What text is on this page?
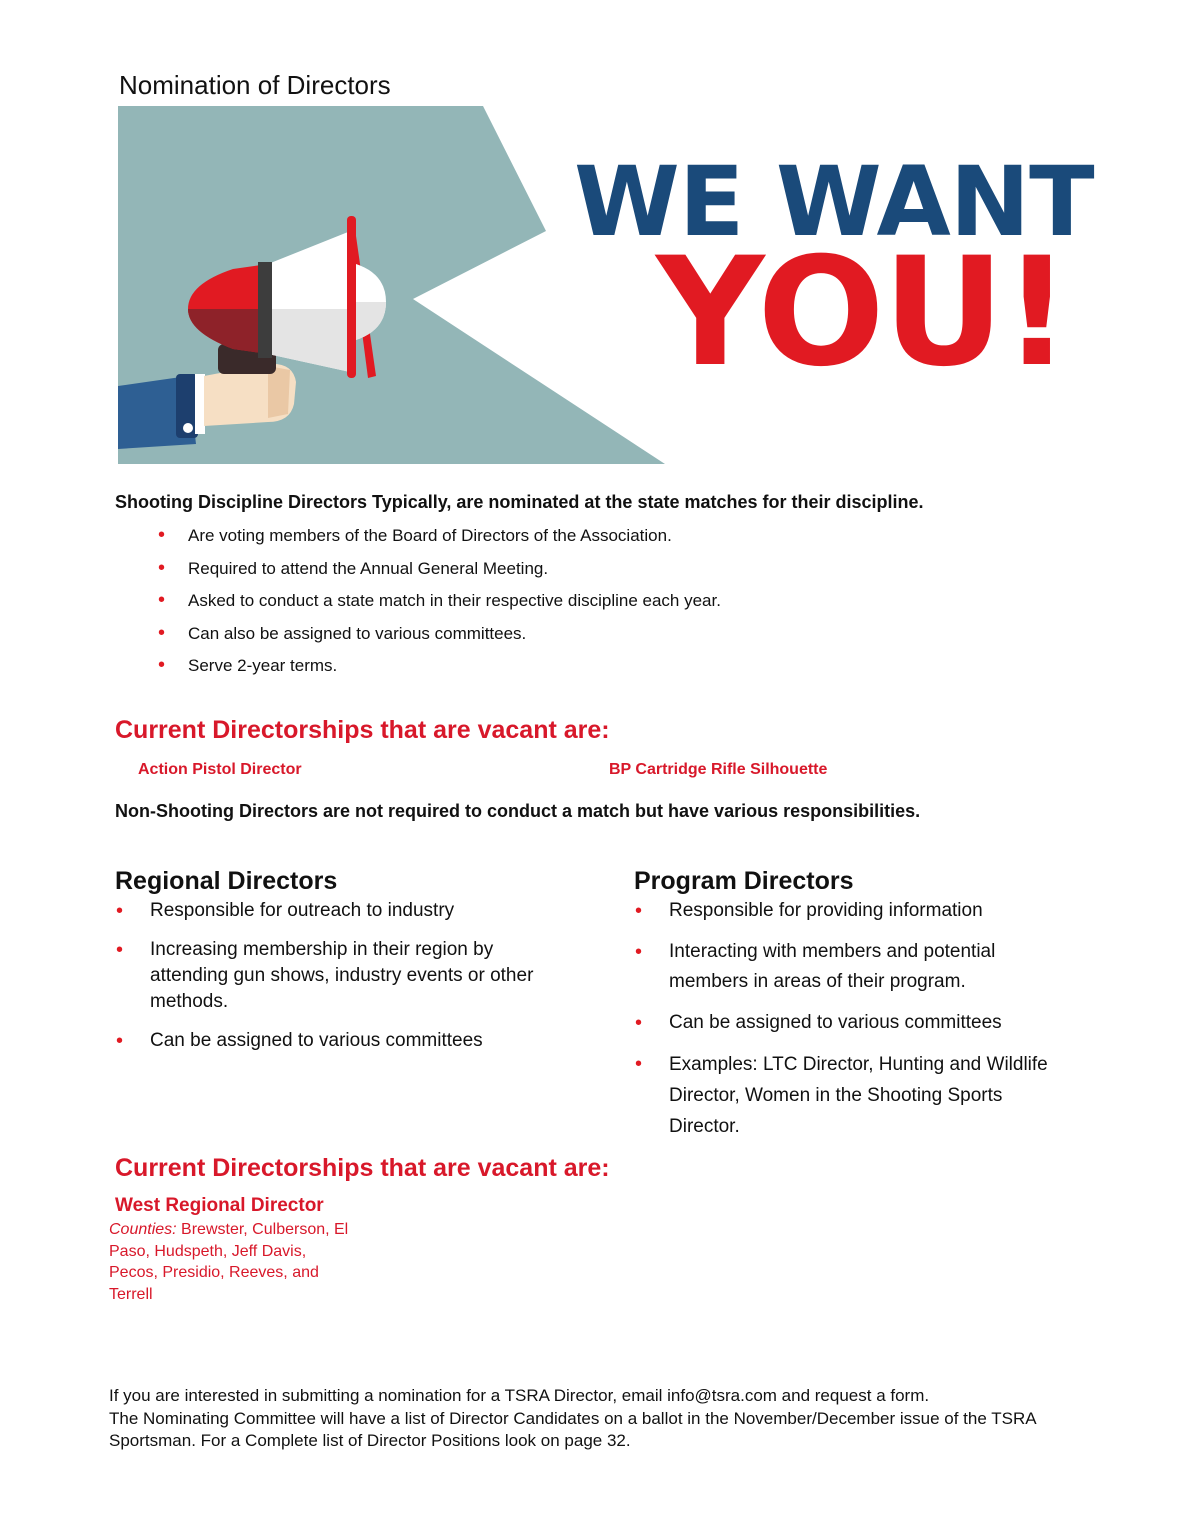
Nomination of Directors
WE WANT
YOU!
Shooting Discipline Directors Typically, are nominated at the state matches for their discipline.
• Are voting members of the Board of Directors of the Association.
• Required to attend the Annual General Meeting.
• Asked to conduct a state match in their respective discipline each year.
• Can also be assigned to various committees.
• Serve 2-year terms.
Current Directorships that are vacant are:
Action Pistol Director	BP Cartridge Rifle Silhouette
Non-Shooting Directors are not required to conduct a match but have various responsibilities.
Regional Directors
• Responsible for outreach to industry
• Increasing membership in their region by attending gun shows, industry events or other methods.
• Can be assigned to various committees
Program Directors
• Responsible for providing information
• Interacting with members and potential members in areas of their program.
• Can be assigned to various committees
• Examples: LTC Director, Hunting and Wildlife Director, Women in the Shooting Sports Director.
Current Directorships that are vacant are:
West Regional Director
Counties: Brewster, Culberson, El Paso, Hudspeth, Jeff Davis, Pecos, Presidio, Reeves, and Terrell
If you are interested in submitting a nomination for a TSRA Director, email info@tsra.com and request a form.
The Nominating Committee will have a list of Director Candidates on a ballot in the November/December issue of the TSRA Sportsman. For a Complete list of Director Positions look on page 32.
